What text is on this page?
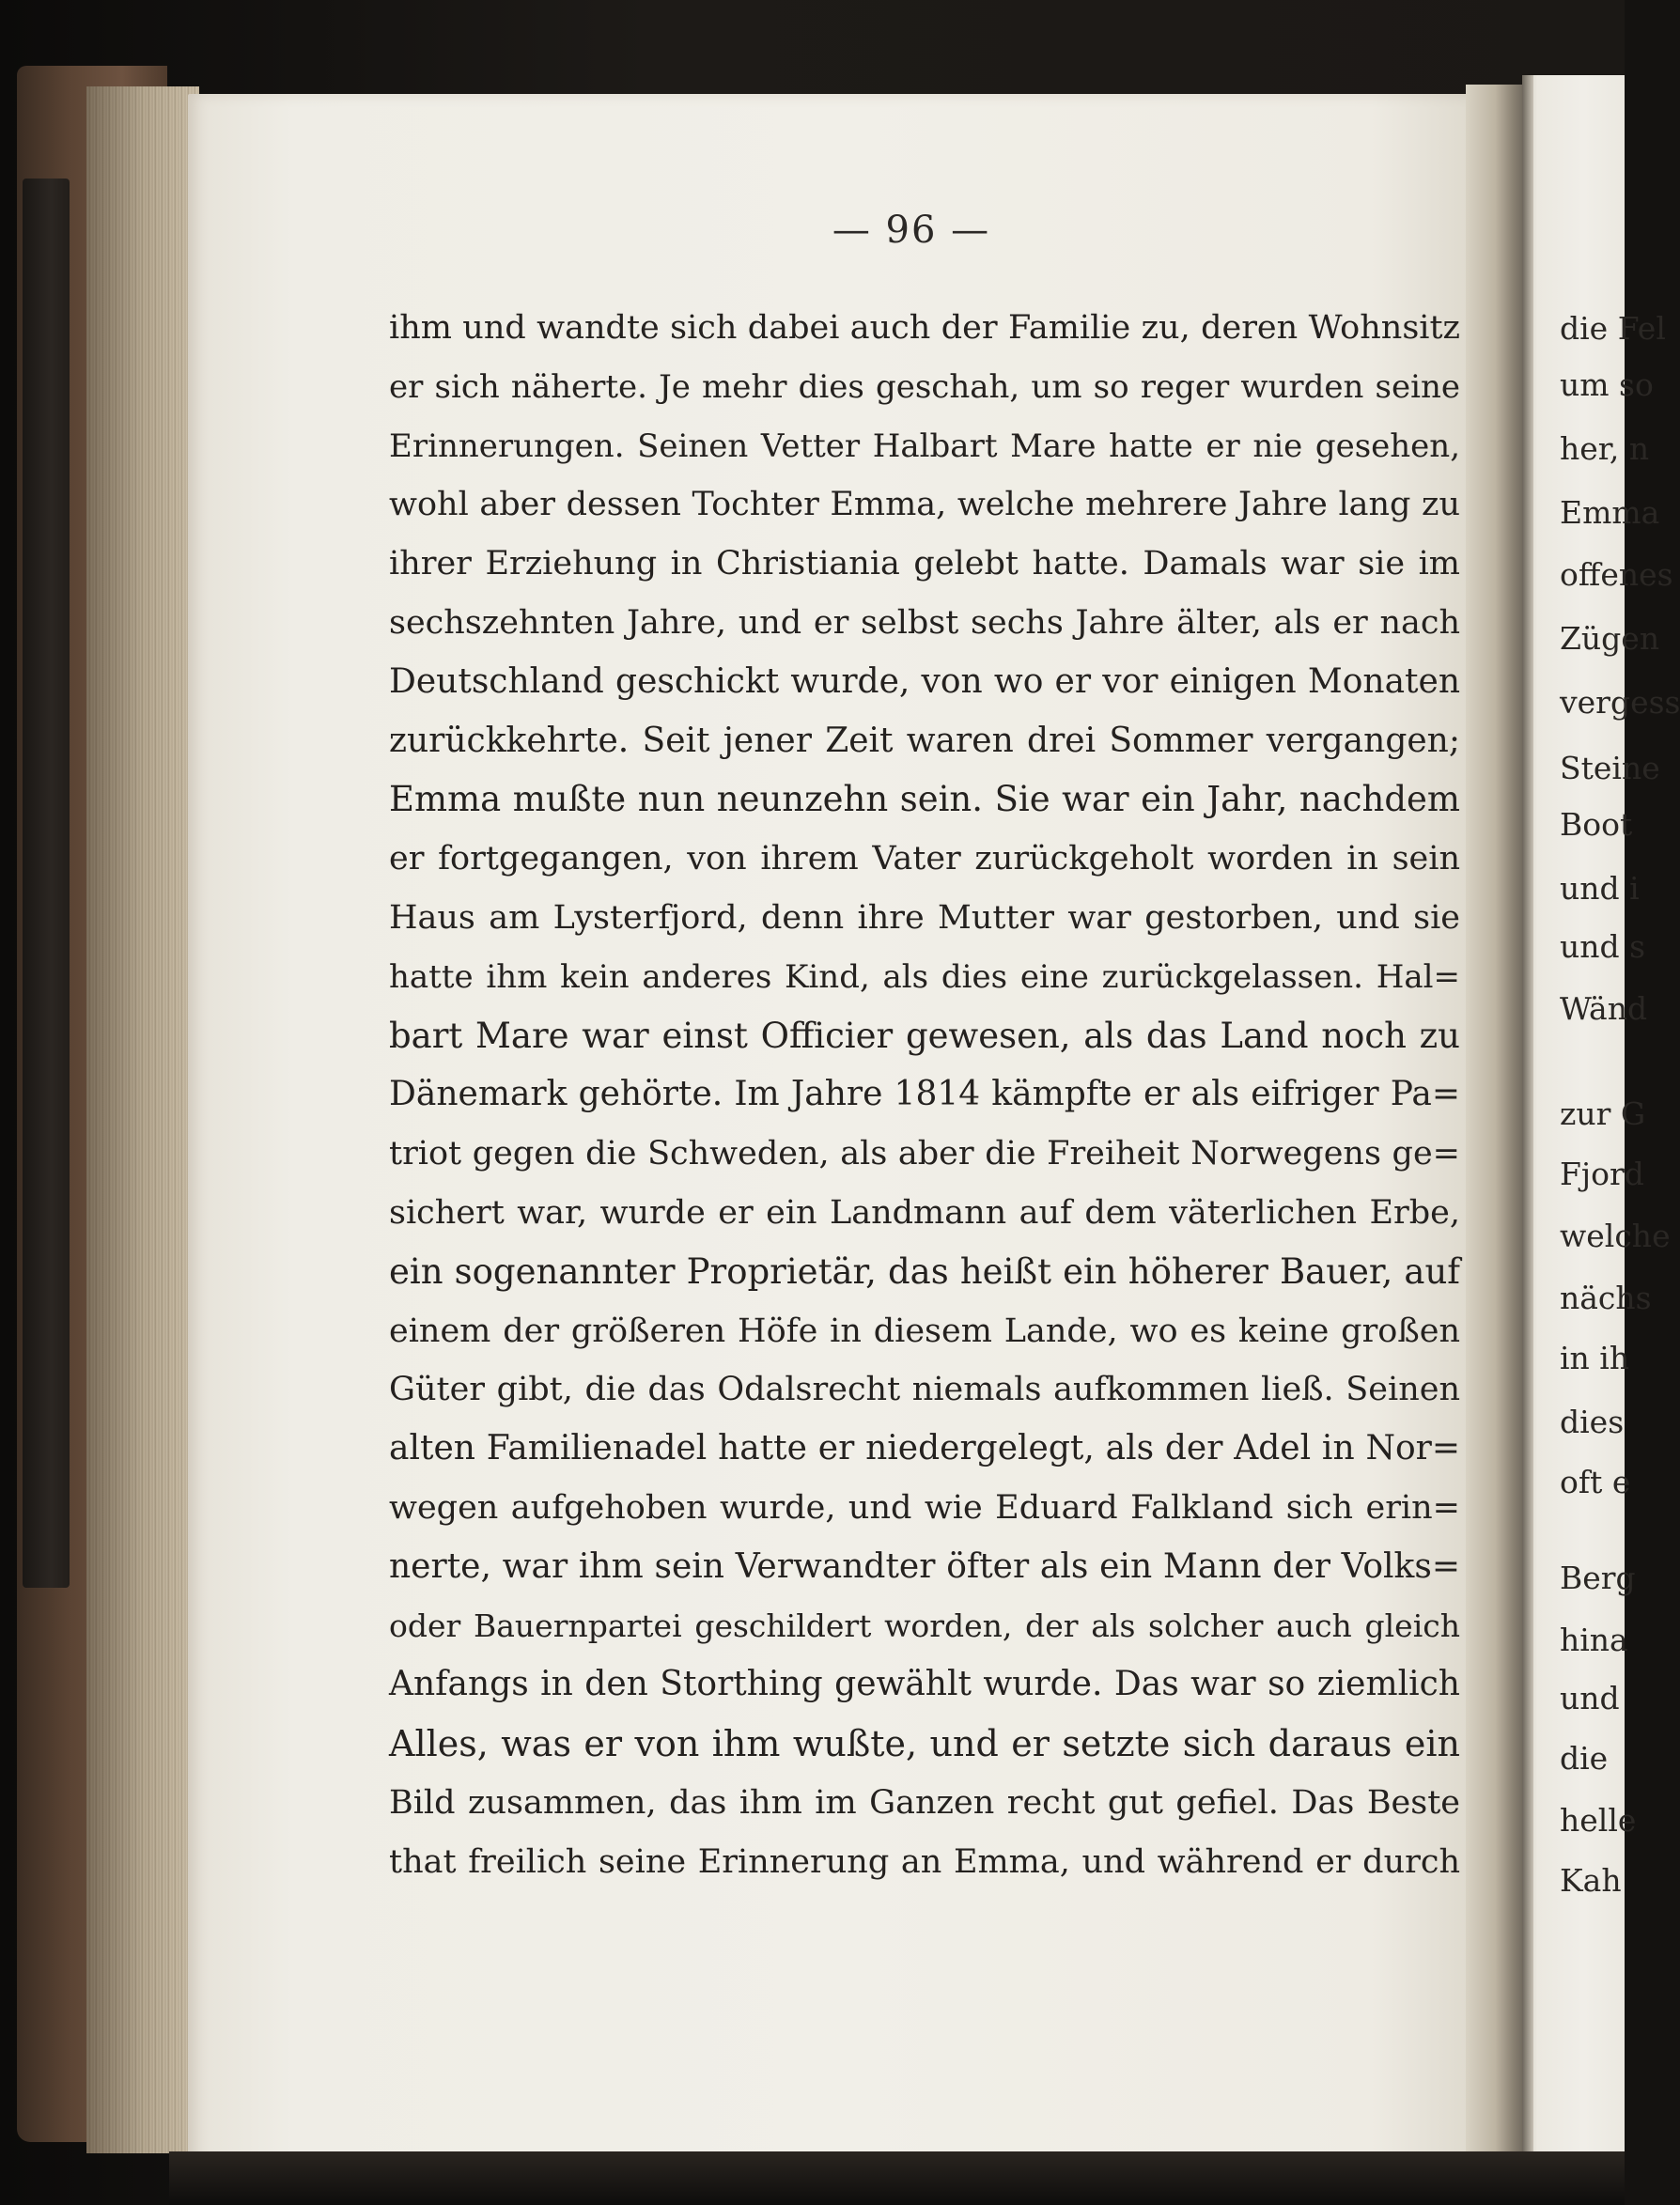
— 96 —
ihm und wandte sich dabei auch der Familie zu, deren Wohnsitz
er sich näherte. Je mehr dies geschah, um so reger wurden seine
Erinnerungen. Seinen Vetter Halbart Mare hatte er nie gesehen,
wohl aber dessen Tochter Emma, welche mehrere Jahre lang zu
ihrer Erziehung in Christiania gelebt hatte. Damals war sie im
sechszehnten Jahre, und er selbst sechs Jahre älter, als er nach
Deutschland geschickt wurde, von wo er vor einigen Monaten
zurückkehrte. Seit jener Zeit waren drei Sommer vergangen;
Emma mußte nun neunzehn sein. Sie war ein Jahr, nachdem
er fortgegangen, von ihrem Vater zurückgeholt worden in sein
Haus am Lysterfjord, denn ihre Mutter war gestorben, und sie
hatte ihm kein anderes Kind, als dies eine zurückgelassen. Hal=
bart Mare war einst Officier gewesen, als das Land noch zu
Dänemark gehörte. Im Jahre 1814 kämpfte er als eifriger Pa=
triot gegen die Schweden, als aber die Freiheit Norwegens ge=
sichert war, wurde er ein Landmann auf dem väterlichen Erbe,
ein sogenannter Proprietär, das heißt ein höherer Bauer, auf
einem der größeren Höfe in diesem Lande, wo es keine großen
Güter gibt, die das Odalsrecht niemals aufkommen ließ. Seinen
alten Familienadel hatte er niedergelegt, als der Adel in Nor=
wegen aufgehoben wurde, und wie Eduard Falkland sich erin=
nerte, war ihm sein Verwandter öfter als ein Mann der Volks=
oder Bauernpartei geschildert worden, der als solcher auch gleich
Anfangs in den Storthing gewählt wurde. Das war so ziemlich
Alles, was er von ihm wußte, und er setzte sich daraus ein
Bild zusammen, das ihm im Ganzen recht gut gefiel. Das Beste
that freilich seine Erinnerung an Emma, und während er durch
die Fel
um so
her, n
Emma
offenes
Zügen
vergess
Steine
Boot
und i
und s
Wänd
zur G
Fjord
welche
nächs
in ih
dies
oft e
Berg
hina
und
die
helle
Kah
